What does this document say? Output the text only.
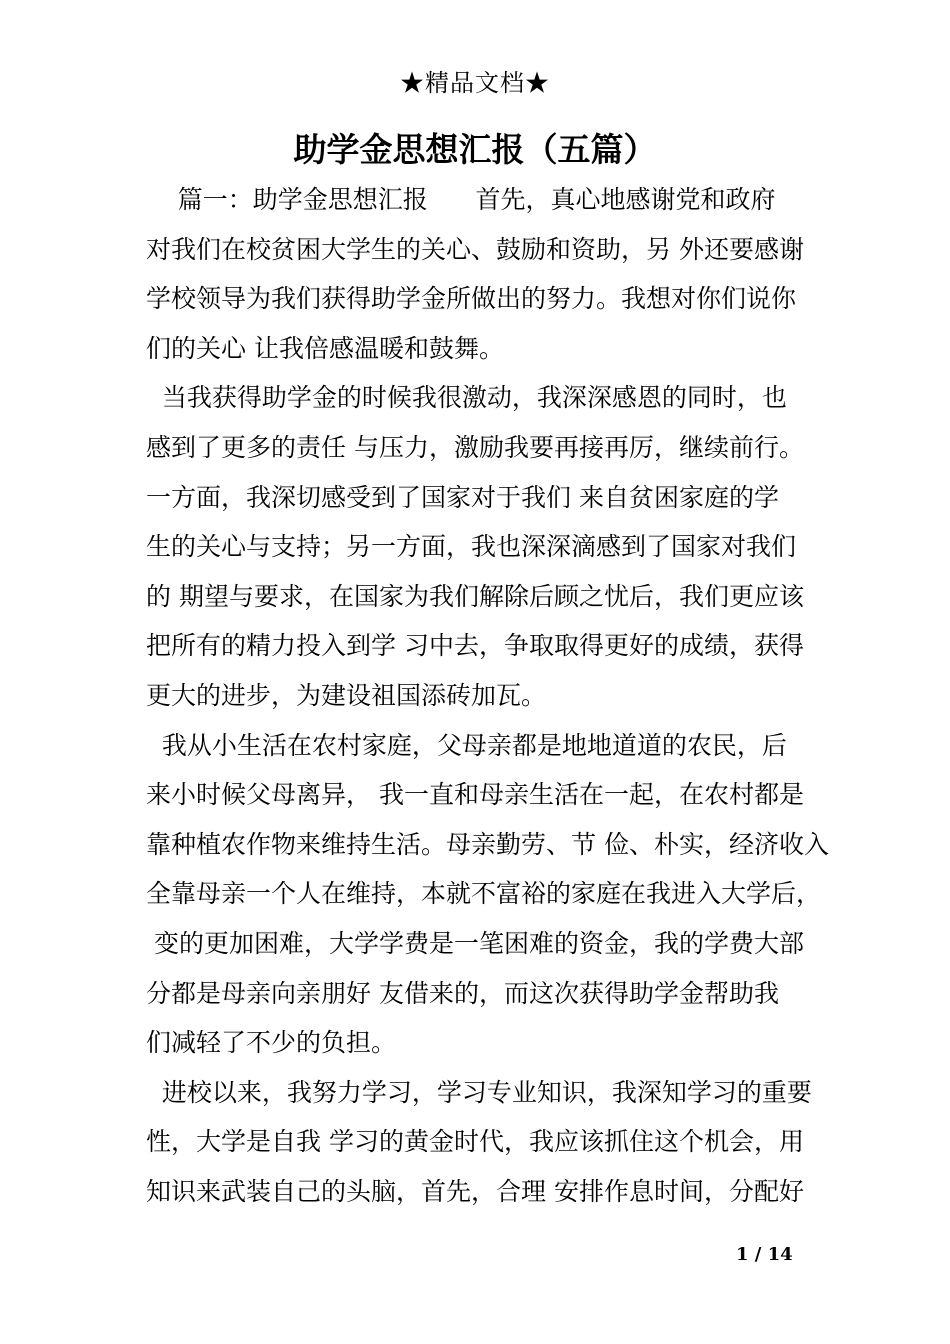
★精品文档★
助学金思想汇报（五篇）
篇一：助学金思想汇报      首先，真心地感谢党和政府
对我们在校贫困大学生的关心、鼓励和资助，另 外还要感谢
学校领导为我们获得助学金所做出的努力。我想对你们说你
们的关心 让我倍感温暖和鼓舞。
当我获得助学金的时候我很激动，我深深感恩的同时，也
感到了更多的责任 与压力，激励我要再接再厉，继续前行。
一方面，我深切感受到了国家对于我们 来自贫困家庭的学
生的关心与支持；另一方面，我也深深滴感到了国家对我们
的 期望与要求，在国家为我们解除后顾之忧后，我们更应该
把所有的精力投入到学 习中去，争取取得更好的成绩，获得
更大的进步，为建设祖国添砖加瓦。
我从小生活在农村家庭，父母亲都是地地道道的农民，后
来小时候父母离异， 我一直和母亲生活在一起，在农村都是
靠种植农作物来维持生活。母亲勤劳、节 俭、朴实，经济收入
全靠母亲一个人在维持，本就不富裕的家庭在我进入大学后，
变的更加困难，大学学费是一笔困难的资金，我的学费大部
分都是母亲向亲朋好 友借来的，而这次获得助学金帮助我
们减轻了不少的负担。
进校以来，我努力学习，学习专业知识，我深知学习的重要
性，大学是自我 学习的黄金时代，我应该抓住这个机会，用
知识来武装自己的头脑，首先，合理 安排作息时间，分配好
1 / 14
